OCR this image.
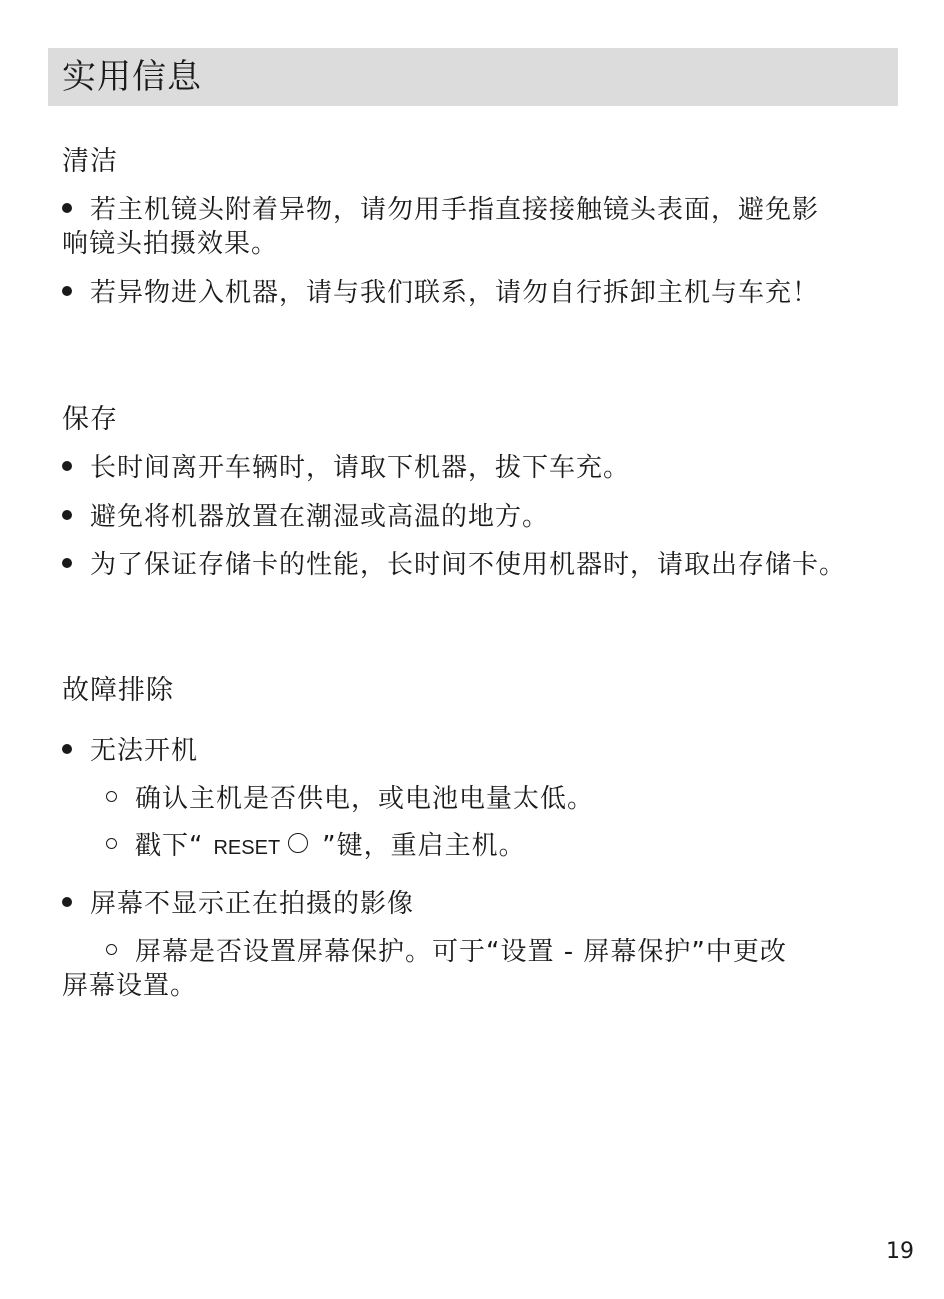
实用信息
清洁
若主机镜头附着异物，请勿用手指直接接触镜头表面，避免影
响镜头拍摄效果。
若异物进入机器，请与我们联系，请勿自行拆卸主机与车充！
保存
长时间离开车辆时，请取下机器，拔下车充。
避免将机器放置在潮湿或高温的地方。
为了保证存储卡的性能，长时间不使用机器时，请取出存储卡。
故障排除
无法开机
确认主机是否供电，或电池电量太低。
戳下“ RESET ”键，重启主机。
屏幕不显示正在拍摄的影像
屏幕是否设置屏幕保护。可于“设置 - 屏幕保护”中更改
屏幕设置。
19
